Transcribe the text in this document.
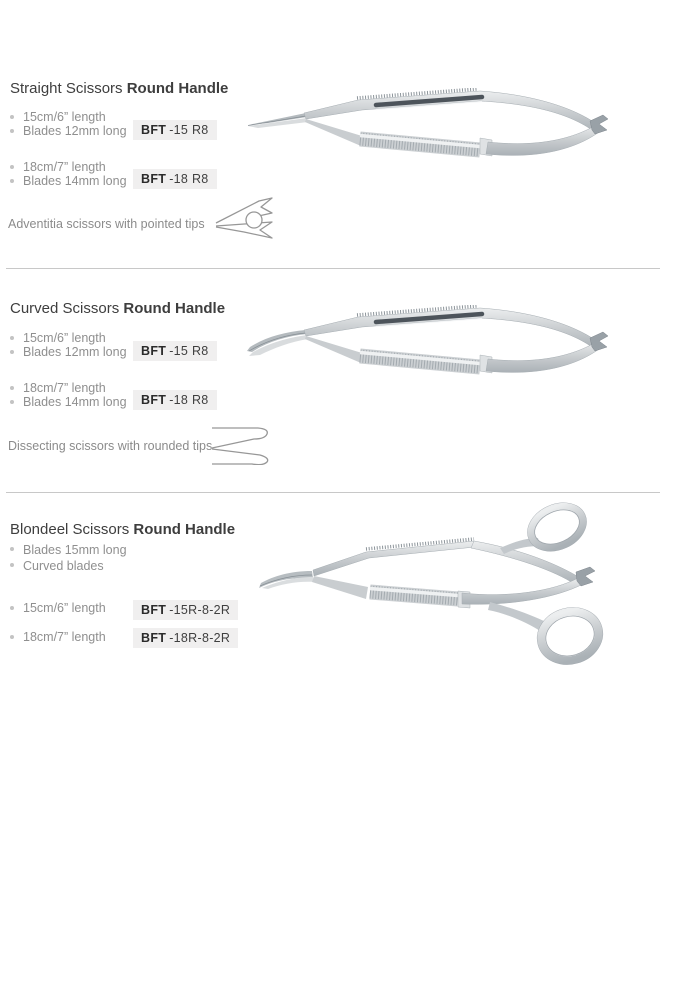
Straight Scissors Round Handle
15cm/6” length
Blades 12mm long	BFT -15 R8
18cm/7” length
Blades 14mm long	BFT -18 R8
Adventitia scissors with pointed tips
Curved Scissors Round Handle
15cm/6” length
Blades 12mm long	BFT -15 R8
18cm/7” length
Blades 14mm long	BFT -18 R8
Dissecting scissors with rounded tips
Blondeel Scissors Round Handle
Blades 15mm long
Curved blades
15cm/6” length	BFT -15R-8-2R
18cm/7” length	BFT -18R-8-2R
